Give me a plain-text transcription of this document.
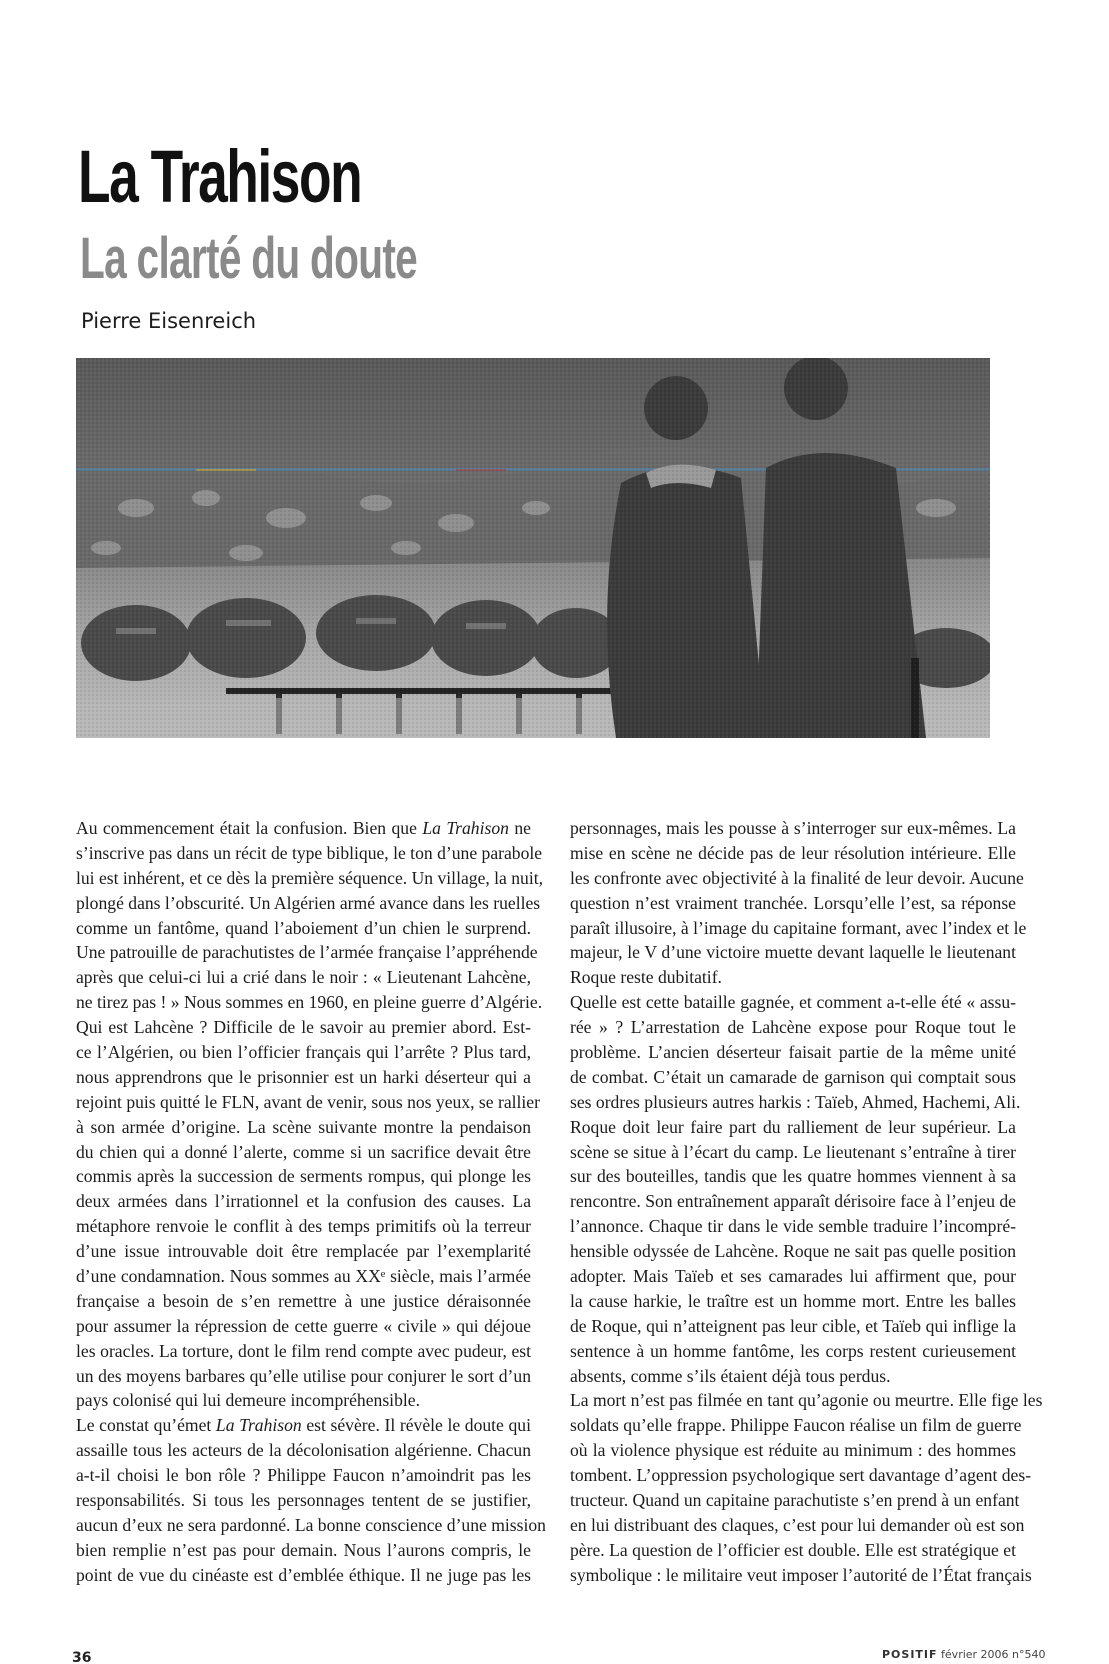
La Trahison
La clarté du doute
Pierre Eisenreich
Au commencement était la confusion. Bien que La Trahison ne
s’inscrive pas dans un récit de type biblique, le ton d’une parabole
lui est inhérent, et ce dès la première séquence. Un village, la nuit,
plongé dans l’obscurité. Un Algérien armé avance dans les ruelles
comme un fantôme, quand l’aboiement d’un chien le surprend.
Une patrouille de parachutistes de l’armée française l’appréhende
après que celui-ci lui a crié dans le noir : « Lieutenant Lahcène,
ne tirez pas ! » Nous sommes en 1960, en pleine guerre d’Algérie.
Qui est Lahcène ? Difficile de le savoir au premier abord. Est-
ce l’Algérien, ou bien l’officier français qui l’arrête ? Plus tard,
nous apprendrons que le prisonnier est un harki déserteur qui a
rejoint puis quitté le FLN, avant de venir, sous nos yeux, se rallier
à son armée d’origine. La scène suivante montre la pendaison
du chien qui a donné l’alerte, comme si un sacrifice devait être
commis après la succession de serments rompus, qui plonge les
deux armées dans l’irrationnel et la confusion des causes. La
métaphore renvoie le conflit à des temps primitifs où la terreur
d’une issue introuvable doit être remplacée par l’exemplarité
d’une condamnation. Nous sommes au XXᵉ siècle, mais l’armée
française a besoin de s’en remettre à une justice déraisonnée
pour assumer la répression de cette guerre « civile » qui déjoue
les oracles. La torture, dont le film rend compte avec pudeur, est
un des moyens barbares qu’elle utilise pour conjurer le sort d’un
pays colonisé qui lui demeure incompréhensible.
Le constat qu’émet La Trahison est sévère. Il révèle le doute qui
assaille tous les acteurs de la décolonisation algérienne. Chacun
a-t-il choisi le bon rôle ? Philippe Faucon n’amoindrit pas les
responsabilités. Si tous les personnages tentent de se justifier,
aucun d’eux ne sera pardonné. La bonne conscience d’une mission
bien remplie n’est pas pour demain. Nous l’aurons compris, le
point de vue du cinéaste est d’emblée éthique. Il ne juge pas les
personnages, mais les pousse à s’interroger sur eux-mêmes. La
mise en scène ne décide pas de leur résolution intérieure. Elle
les confronte avec objectivité à la finalité de leur devoir. Aucune
question n’est vraiment tranchée. Lorsqu’elle l’est, sa réponse
paraît illusoire, à l’image du capitaine formant, avec l’index et le
majeur, le V d’une victoire muette devant laquelle le lieutenant
Roque reste dubitatif.
Quelle est cette bataille gagnée, et comment a-t-elle été « assu-
rée » ? L’arrestation de Lahcène expose pour Roque tout le
problème. L’ancien déserteur faisait partie de la même unité
de combat. C’était un camarade de garnison qui comptait sous
ses ordres plusieurs autres harkis : Taïeb, Ahmed, Hachemi, Ali.
Roque doit leur faire part du ralliement de leur supérieur. La
scène se situe à l’écart du camp. Le lieutenant s’entraîne à tirer
sur des bouteilles, tandis que les quatre hommes viennent à sa
rencontre. Son entraînement apparaît dérisoire face à l’enjeu de
l’annonce. Chaque tir dans le vide semble traduire l’incompré-
hensible odyssée de Lahcène. Roque ne sait pas quelle position
adopter. Mais Taïeb et ses camarades lui affirment que, pour
la cause harkie, le traître est un homme mort. Entre les balles
de Roque, qui n’atteignent pas leur cible, et Taïeb qui inflige la
sentence à un homme fantôme, les corps restent curieusement
absents, comme s’ils étaient déjà tous perdus.
La mort n’est pas filmée en tant qu’agonie ou meurtre. Elle fige les
soldats qu’elle frappe. Philippe Faucon réalise un film de guerre
où la violence physique est réduite au minimum : des hommes
tombent. L’oppression psychologique sert davantage d’agent des-
tructeur. Quand un capitaine parachutiste s’en prend à un enfant
en lui distribuant des claques, c’est pour lui demander où est son
père. La question de l’officier est double. Elle est stratégique et
symbolique : le militaire veut imposer l’autorité de l’État français
36	POSITIF février 2006 n°540
